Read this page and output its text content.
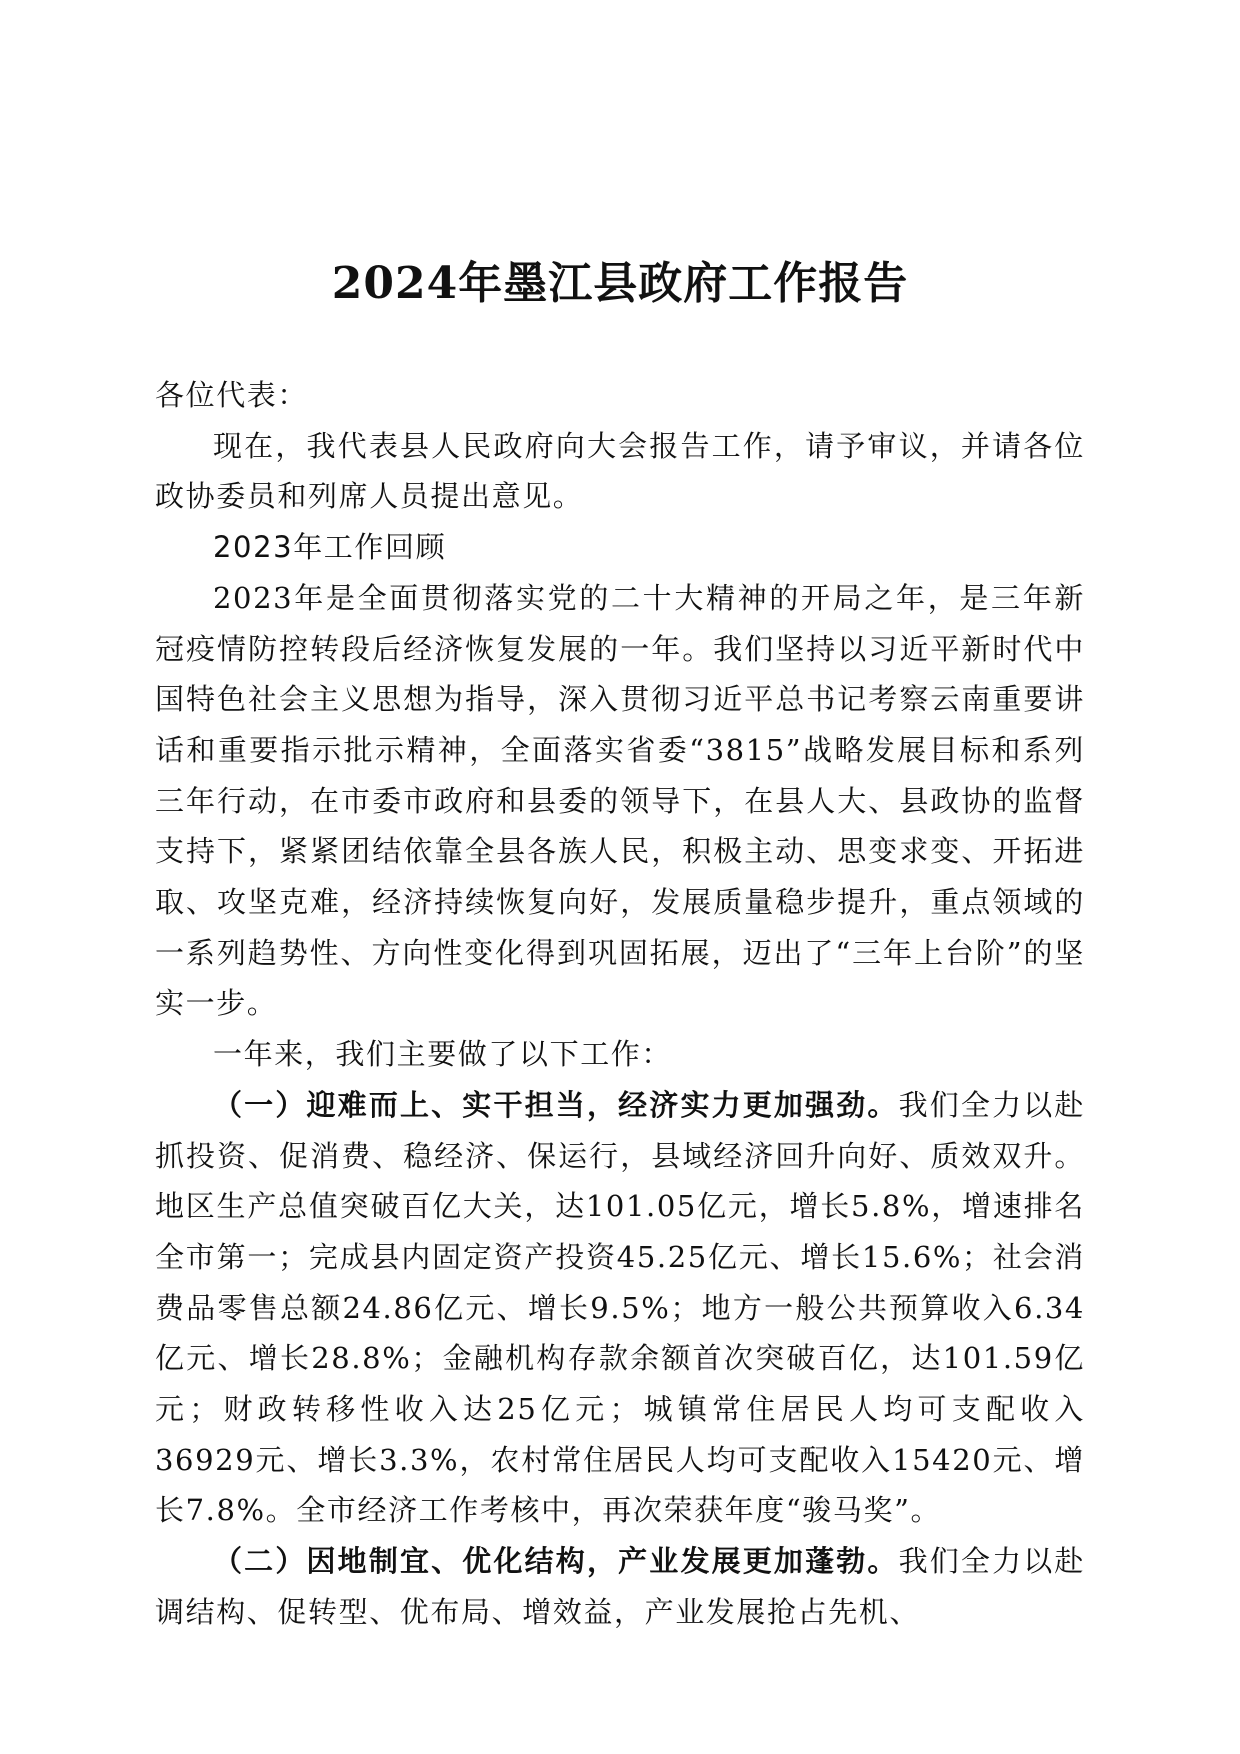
2024年墨江县政府工作报告

各位代表：

现在，我代表县人民政府向大会报告工作，请予审议，并请各位政协委员和列席人员提出意见。

2023年工作回顾

2023年是全面贯彻落实党的二十大精神的开局之年，是三年新冠疫情防控转段后经济恢复发展的一年。我们坚持以习近平新时代中国特色社会主义思想为指导，深入贯彻习近平总书记考察云南重要讲话和重要指示批示精神，全面落实省委“3815”战略发展目标和系列三年行动，在市委市政府和县委的领导下，在县人大、县政协的监督支持下，紧紧团结依靠全县各族人民，积极主动、思变求变、开拓进取、攻坚克难，经济持续恢复向好，发展质量稳步提升，重点领域的一系列趋势性、方向性变化得到巩固拓展，迈出了“三年上台阶”的坚实一步。

一年来，我们主要做了以下工作：

（一）迎难而上、实干担当，经济实力更加强劲。我们全力以赴抓投资、促消费、稳经济、保运行，县域经济回升向好、质效双升。地区生产总值突破百亿大关，达101.05亿元，增长5.8%，增速排名全市第一；完成县内固定资产投资45.25亿元、增长15.6%；社会消费品零售总额24.86亿元、增长9.5%；地方一般公共预算收入6.34亿元、增长28.8%；金融机构存款余额首次突破百亿，达101.59亿元；财政转移性收入达25亿元；城镇常住居民人均可支配收入36929元、增长3.3%，农村常住居民人均可支配收入15420元、增长7.8%。全市经济工作考核中，再次荣获年度“骏马奖”。

（二）因地制宜、优化结构，产业发展更加蓬勃。我们全力以赴调结构、促转型、优布局、增效益，产业发展抢占先机、
